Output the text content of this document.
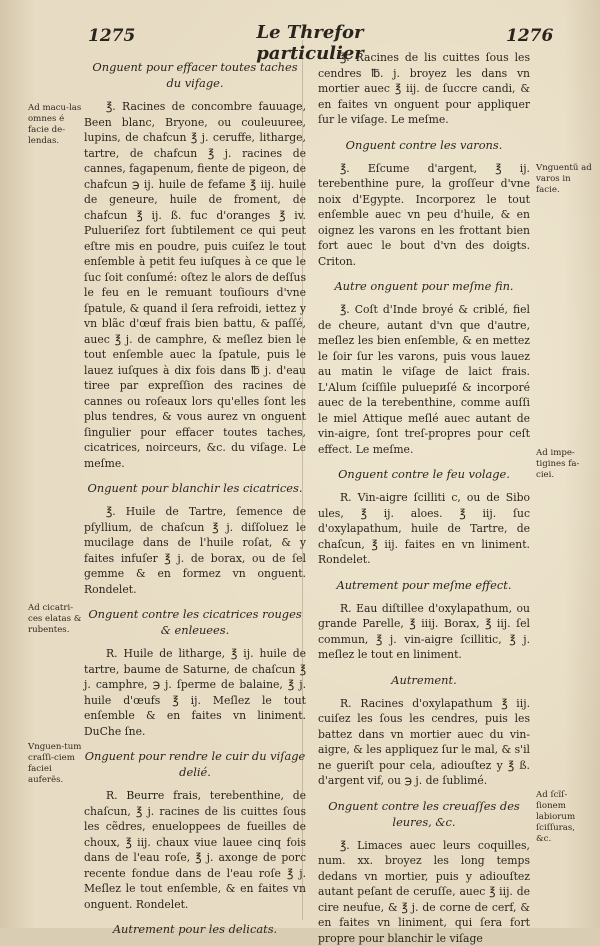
1275	Le Threfor particulier
1276
Onguent pour effacer toutes taches du vifage.

℥. Racines de concombre fauuage, Been blanc, Bryone, ou couleuuree, lupins, de chafcun ℥ j. ceruffe, litharge, tartre, de chafcun ℥ j. racines de cannes, fagapenum, fiente de pigeon, de chafcun ℈ ij. huile de fefame ℥ iij. huile de geneure, huile de froment, de chafcun ℥ ij. ß. fuc d'oranges ℥ iv. Pulueriſez fort ſubtilement ce qui peut eſtre mis en poudre, puis cuiſez le tout enſemble à petit feu iuſques à ce que le ſuc ſoit conſumé: oſtez le alors de deſſus le feu en le remuant touſiours d'vne ſpatule, & quand il ſera refroidi, iettez y vn blãc d'œuf frais bien battu, & paſſé, auec ℥ j. de camphre, & meſlez bien le tout enſemble auec la ſpatule, puis le lauez iuſques à dix fois dans ℔ j. d'eau tiree par expreſſion des racines de cannes ou roſeaux lors qu'elles ſont les plus tendres, & vous aurez vn onguent ſingulier pour effacer toutes taches, cicatrices, noirceurs, &c. du viſage. Le meſme.

Onguent pour blanchir les cicatrices.

℥. Huile de Tartre, ſemence de pſyllium, de chaſcun ℥ j. diſſoluez le mucilage dans de l'huile roſat, & y faites infuſer ℥ j. de borax, ou de ſel gemme & en formez vn onguent. Rondelet.

Onguent contre les cicatrices rouges & enleuees.

R. Huile de litharge, ℥ ij. huile de tartre, baume de Saturne, de chaſcun ℥ j. camphre, ℈ j. ſperme de balaine, ℥ j. huile d'œufs ℥ ij. Meſlez le tout enſemble & en faites vn liniment. DuChe ſne.

Onguent pour rendre le cuir du viſage delié.

R. Beurre frais, terebenthine, de chaſcun, ℥ j. racines de lis cuittes ſous les cẽdres, enueloppees de fueilles de choux, ℥ iij. chaux viue lauee cinq fois dans de l'eau roſe, ℥ j. axonge de porc recente fondue dans de l'eau roſe ℥ j. Meſlez le tout enſemble, & en faites vn onguent. Rondelet.

Autrement pour les delicats.

℥. Racines de lis cuittes ſous les cendres ℔. j. broyez les dans vn mortier auec ℥ iij. de ſuccre candi, & en faites vn onguent pour appliquer ſur le viſage. Le meſme.

Onguent contre les varons.

℥. Eſcume d'argent, ℥ ij. terebenthine pure, la groſſeur d'vne noix d'Egypte. Incorporez le tout enſemble auec vn peu d'huile, & en oignez les varons en les frottant bien fort auec le bout d'vn des doigts. Criton.

Autre onguent pour meſme fin.

℥. Coſt d'Inde broyé & criblé, fiel de cheure, autant d'vn que d'autre, meſlez les bien enſemble, & en mettez le ſoir ſur les varons, puis vous lauez au matin le viſage de laict frais. L'Alum ſciſſile puluериſé & incorporé auec de la terebenthine, comme auſſi le miel Attique meſlé auec autant de vin-aigre, ſont treſ-propres pour ceſt effect. Le meſme.

Onguent contre le feu volage.

R. Vin-aigre ſcilliti c, ou de Sibo ules, ℥ ij. aloes. ℥ iij. ſuc d'oxylapathum, huile de Tartre, de chaſcun, ℥ iij. faites en vn liniment. Rondelet.

Autrement pour meſme effect.

R. Eau diſtillee d'oxylapathum, ou grande Parelle, ℥ iiij. Borax, ℥ iij. ſel commun, ℥ j. vin-aigre ſcillitic, ℥ j. meſlez le tout en liniment.

Autrement.

R. Racines d'oxylapathum ℥ iij. cuiſez les ſous les cendres, puis les battez dans vn mortier auec du vin-aigre, & les appliquez ſur le mal, & s'il ne gueriſt pour cela, adiouſtez y ℥ ß. d'argent vif, ou ℈ j. de ſublimé.

Onguent contre les creuaſſes des leures, &c.

℥. Limaces auec leurs coquilles, num. xx. broyez les long temps dedans vn mortier, puis y adiouſtez autant peſant de ceruſſe, auec ℥ iij. de cire neufue, & ℥ j. de corne de cerf, & en faites vn liniment, qui ſera fort propre pour blanchir le viſage

Ad macu-las omnes é facie de-lendas.
Ad cicatri-ces elatas & rubentes.
Vnguen-tum craſſi-ciem faciei auferẽs.
Vnguentũ ad varos in facie.
Ad impe-tigines fa-ciei.
Ad ſcĩſ-ſionem labiorum ſciſſuras, &c.
